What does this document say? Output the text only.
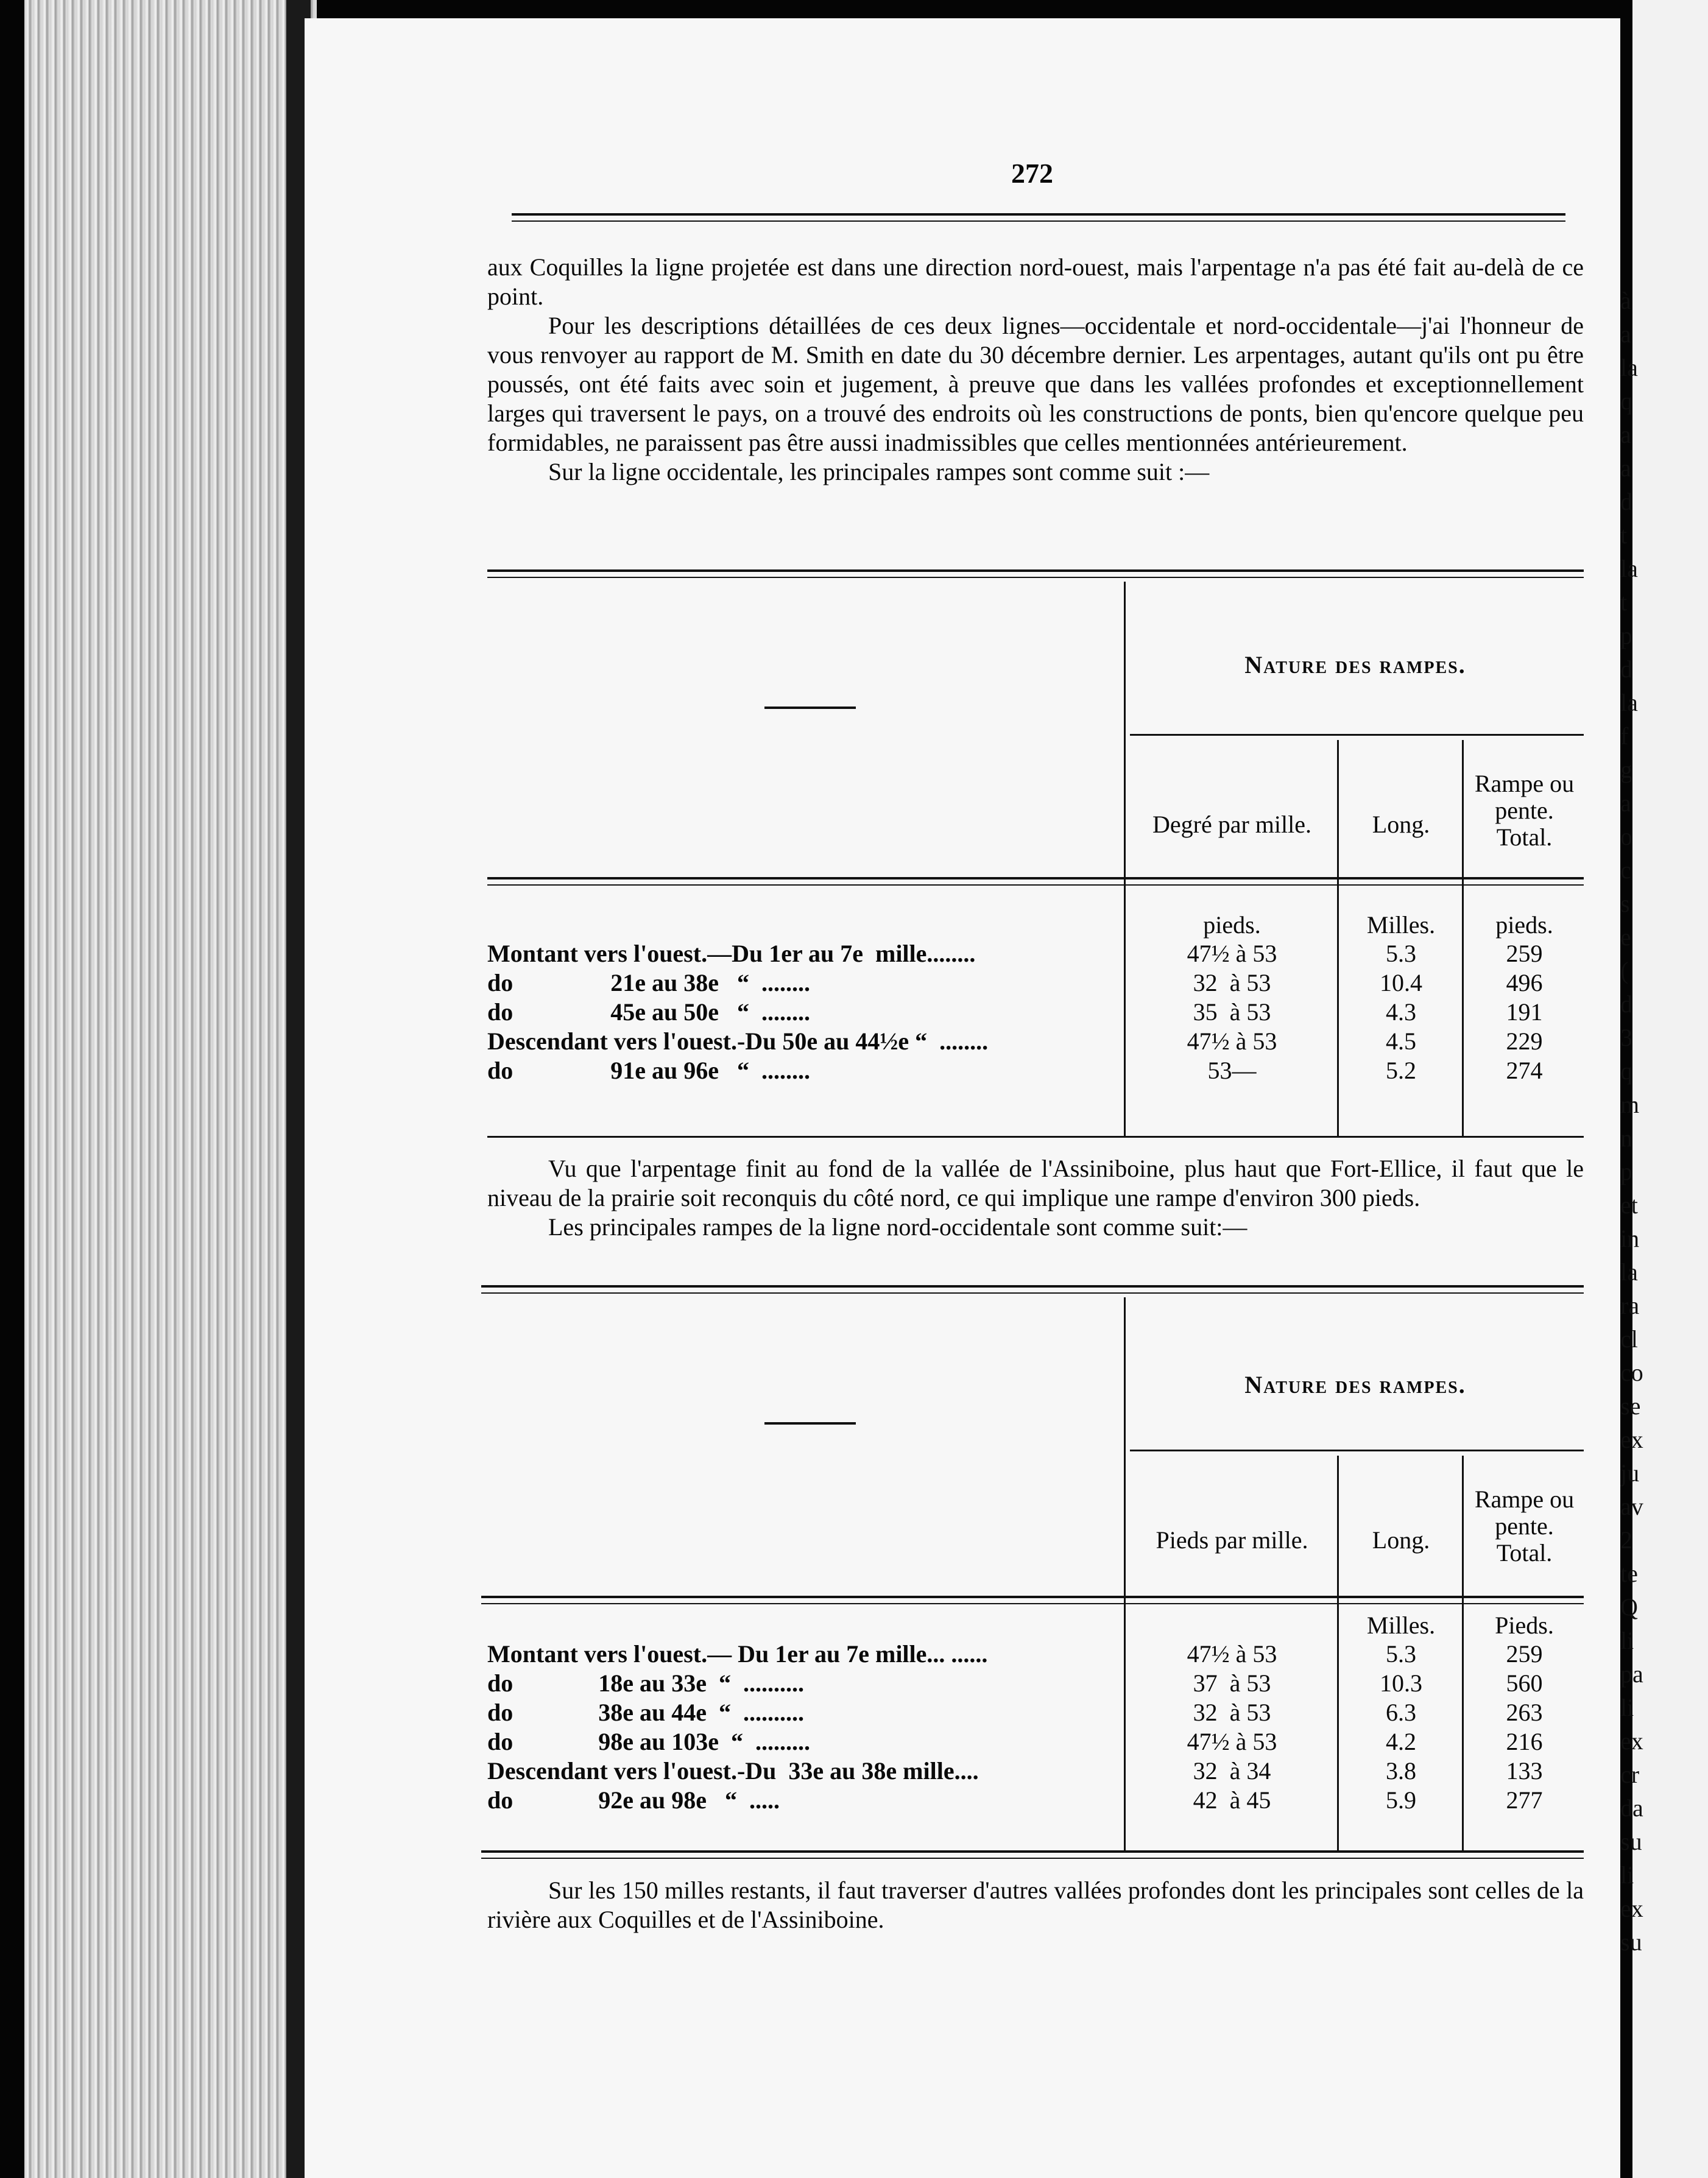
à
a
la
q
a
a
d
t
la
t
p
d
la
f
g
a
o
c
s
e
(
d
3
q
m
n
p
et
in
la
ra
cl
co
se
ex
ju
av
2
te
Q
li
pa
li
ex
cr
da
su
li
ex
su
272

aux Coquilles la ligne projetée est dans une direction nord-ouest, mais l'arpentage n'a pas été fait au-delà de ce point.

Pour les descriptions détaillées de ces deux lignes—occidentale et nord-occidentale—j'ai l'honneur de vous renvoyer au rapport de M. Smith en date du 30 décembre dernier. Les arpentages, autant qu'ils ont pu être poussés, ont été faits avec soin et jugement, à preuve que dans les vallées profondes et exceptionnellement larges qui traversent le pays, on a trouvé des endroits où les constructions de ponts, bien qu'encore quelque peu formidables, ne paraissent pas être aussi inadmissibles que celles mentionnées antérieurement.

Sur la ligne occidentale, les principales rampes sont comme suit :—

Nature des rampes.
Degré par mille.	Long.
Rampe ou pente. Total.
pieds.	Milles.	pieds.
Montant vers l'ouest.—Du 1er au 7e  mille........	47½ à 53	5.3	259
do                21e au 38e   “  ........	32  à 53	10.4	496
do                45e au 50e   “  ........	35  à 53	4.3	191
Descendant vers l'ouest.-Du 50e au 44½e “  ........	47½ à 53	4.5	229
do                91e au 96e   “  ........	53—	5.2	274

Vu que l'arpentage finit au fond de la vallée de l'Assiniboine, plus haut que Fort-Ellice, il faut que le niveau de la prairie soit reconquis du côté nord, ce qui implique une rampe d'environ 300 pieds.

Les principales rampes de la ligne nord-occidentale sont comme suit:—

Nature des rampes.
Pieds par mille.	Long.
Rampe ou pente. Total.
Milles.	Pieds.
Montant vers l'ouest.— Du 1er au 7e mille... ......	47½ à 53	5.3	259
do              18e au 33e  “  ..........	37  à 53	10.3	560
do              38e au 44e  “  ..........	32  à 53	6.3	263
do              98e au 103e  “  .........	47½ à 53	4.2	216
Descendant vers l'ouest.-Du  33e au 38e mille....	32  à 34	3.8	133
do              92e au 98e   “  .....	42  à 45	5.9	277

Sur les 150 milles restants, il faut traverser d'autres vallées profondes dont les principales sont celles de la rivière aux Coquilles et de l'Assiniboine.
